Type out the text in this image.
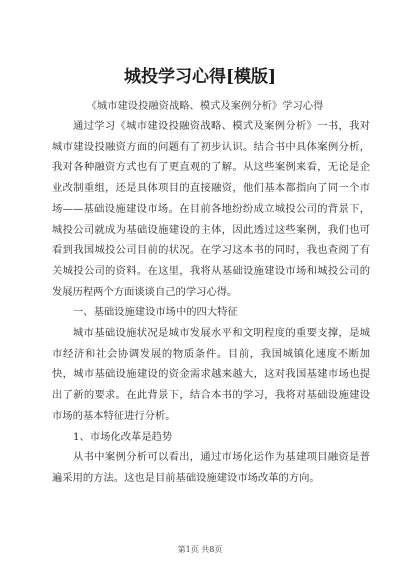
城投学习心得[模版]
《城市建设投融资战略、模式及案例分析》学习心得

通过学习《城市建设投融资战略、模式及案例分析》一书，我对城市建设投融资方面的问题有了初步认识。结合书中具体案例分析，我对各种融资方式也有了更直观的了解。从这些案例来看，无论是企业改制重组，还是具体项目的直接融资，他们基本都指向了同一个市场——基础设施建设市场。在目前各地纷纷成立城投公司的背景下，城投公司就成为基础设施建设的主体，因此透过这些案例，我们也可看到我国城投公司目前的状况。在学习这本书的同时，我也查阅了有关城投公司的资料。在这里，我将从基础设施建设市场和城投公司的发展历程两个方面谈谈自己的学习心得。

一、基础设施建设市场中的四大特征

城市基础设施状况是城市发展水平和文明程度的重要支撑，是城市经济和社会协调发展的物质条件。目前，我国城镇化速度不断加快，城市基础设施建设的资金需求越来越大，这对我国基建市场也提出了新的要求。在此背景下，结合本书的学习，我将对基础设施建设市场的基本特征进行分析。

1、市场化改革是趋势

从书中案例分析可以看出，通过市场化运作为基建项目融资是普遍采用的方法。这也是目前基础设施建设市场改革的方向。

第1页 共8页
